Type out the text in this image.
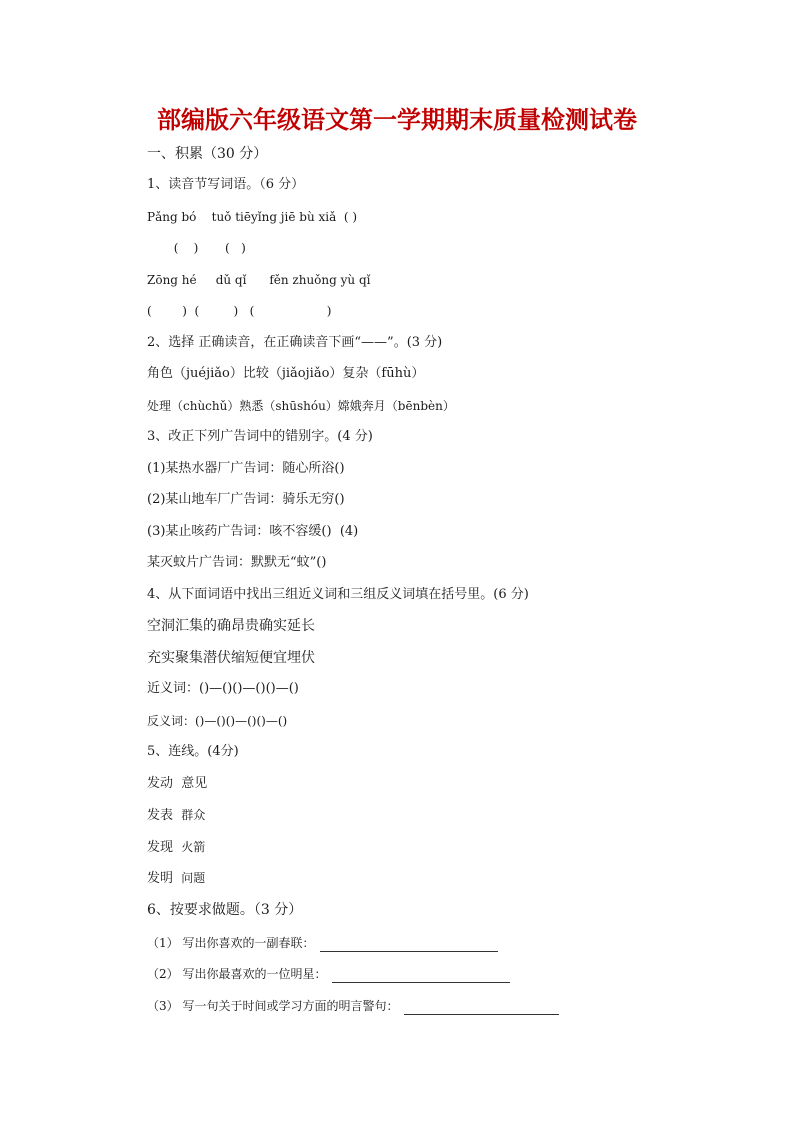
部编版六年级语文第一学期期末质量检测试卷
一、积累（30 分）
1、读音节写词语。（6 分）
Pǎng bó    tuǒ tiēyǐng jiē bù xiǎ  ( )
(    )       (   )
Zōng hé     dǔ qǐ      fěn zhuǒng yù qǐ
(        )  (         )   (                   )
2、选择 正确读音，在正确读音下画“——”。(3 分)
角色（juéjiǎo）比较（jiǎojiǎo）复杂（fūhù）
处理（chùchǔ）熟悉（shūshóu）嫦娥奔月（bēnbèn）
3、改正下列广告词中的错别字。(4 分)
(1)某热水器厂广告词：随心所浴()
(2)某山地车厂广告词：骑乐无穷()
(3)某止咳药广告词：咳不容缓()  (4)
某灭蚊片广告词：默默无“蚊”()
4、从下面词语中找出三组近义词和三组反义词填在括号里。(6 分)
空洞汇集的确昂贵确实延长
充实聚集潜伏缩短便宜埋伏
近义词：()—()()—()()—()
反义词：()—()()—()()—()
5、连线。(4分)
发动 意见
发表 群众
发现 火箭
发明 问题
6、按要求做题。（3 分）
（1） 写出你喜欢的一副春联：
（2） 写出你最喜欢的一位明星：
（3） 写一句关于时间或学习方面的明言警句：
